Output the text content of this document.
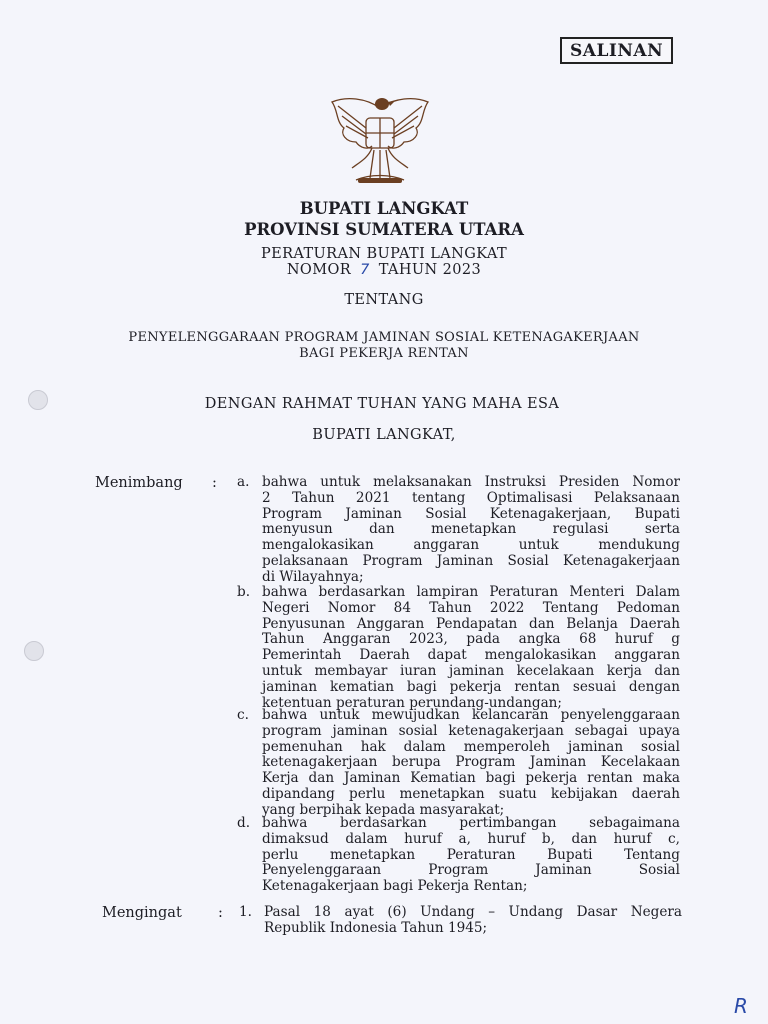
SALINAN
BUPATI LANGKAT
PROVINSI SUMATERA UTARA
PERATURAN BUPATI LANGKAT
NOMOR 7 TAHUN 2023
TENTANG
PENYELENGGARAAN PROGRAM JAMINAN SOSIAL KETENAGAKERJAAN
BAGI PEKERJA RENTAN
DENGAN RAHMAT TUHAN YANG MAHA ESA
BUPATI LANGKAT,
Menimbang : a. bahwa untuk melaksanakan Instruksi Presiden Nomor
2 Tahun 2021 tentang Optimalisasi Pelaksanaan
Program Jaminan Sosial Ketenagakerjaan, Bupati
menyusun dan menetapkan regulasi serta
mengalokasikan anggaran untuk mendukung
pelaksanaan Program Jaminan Sosial Ketenagakerjaan
di Wilayahnya;
b. bahwa berdasarkan lampiran Peraturan Menteri Dalam
Negeri Nomor 84 Tahun 2022 Tentang Pedoman
Penyusunan Anggaran Pendapatan dan Belanja Daerah
Tahun Anggaran 2023, pada angka 68 huruf g
Pemerintah Daerah dapat mengalokasikan anggaran
untuk membayar iuran jaminan kecelakaan kerja dan
jaminan kematian bagi pekerja rentan sesuai dengan
ketentuan peraturan perundang-undangan;
c. bahwa untuk mewujudkan kelancaran penyelenggaraan
program jaminan sosial ketenagakerjaan sebagai upaya
pemenuhan hak dalam memperoleh jaminan sosial
ketenagakerjaan berupa Program Jaminan Kecelakaan
Kerja dan Jaminan Kematian bagi pekerja rentan maka
dipandang perlu menetapkan suatu kebijakan daerah
yang berpihak kepada masyarakat;
d. bahwa berdasarkan pertimbangan sebagaimana
dimaksud dalam huruf a, huruf b, dan huruf c,
perlu menetapkan Peraturan Bupati Tentang
Penyelenggaraan Program Jaminan Sosial
Ketenagakerjaan bagi Pekerja Rentan;
Mengingat : 1. Pasal 18 ayat (6) Undang – Undang Dasar Negera
Republik Indonesia Tahun 1945;
R
